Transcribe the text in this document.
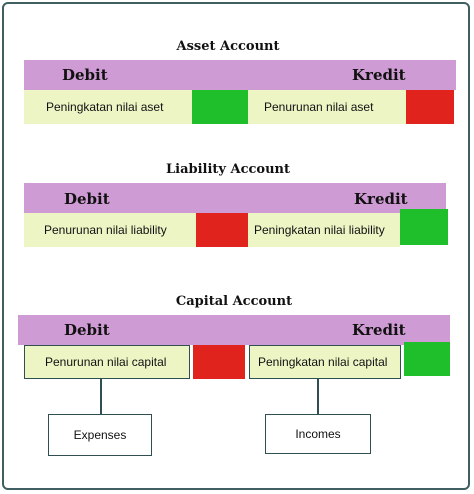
Asset Account
Debit	Kredit
Peningkatan nilai aset	Penurunan nilai aset
Liability Account
Debit	Kredit
Penurunan nilai liability	Peningkatan nilai liability
Capital Account
Debit	Kredit
Penurunan nilai capital	Peningkatan nilai capital
Expenses	Incomes
